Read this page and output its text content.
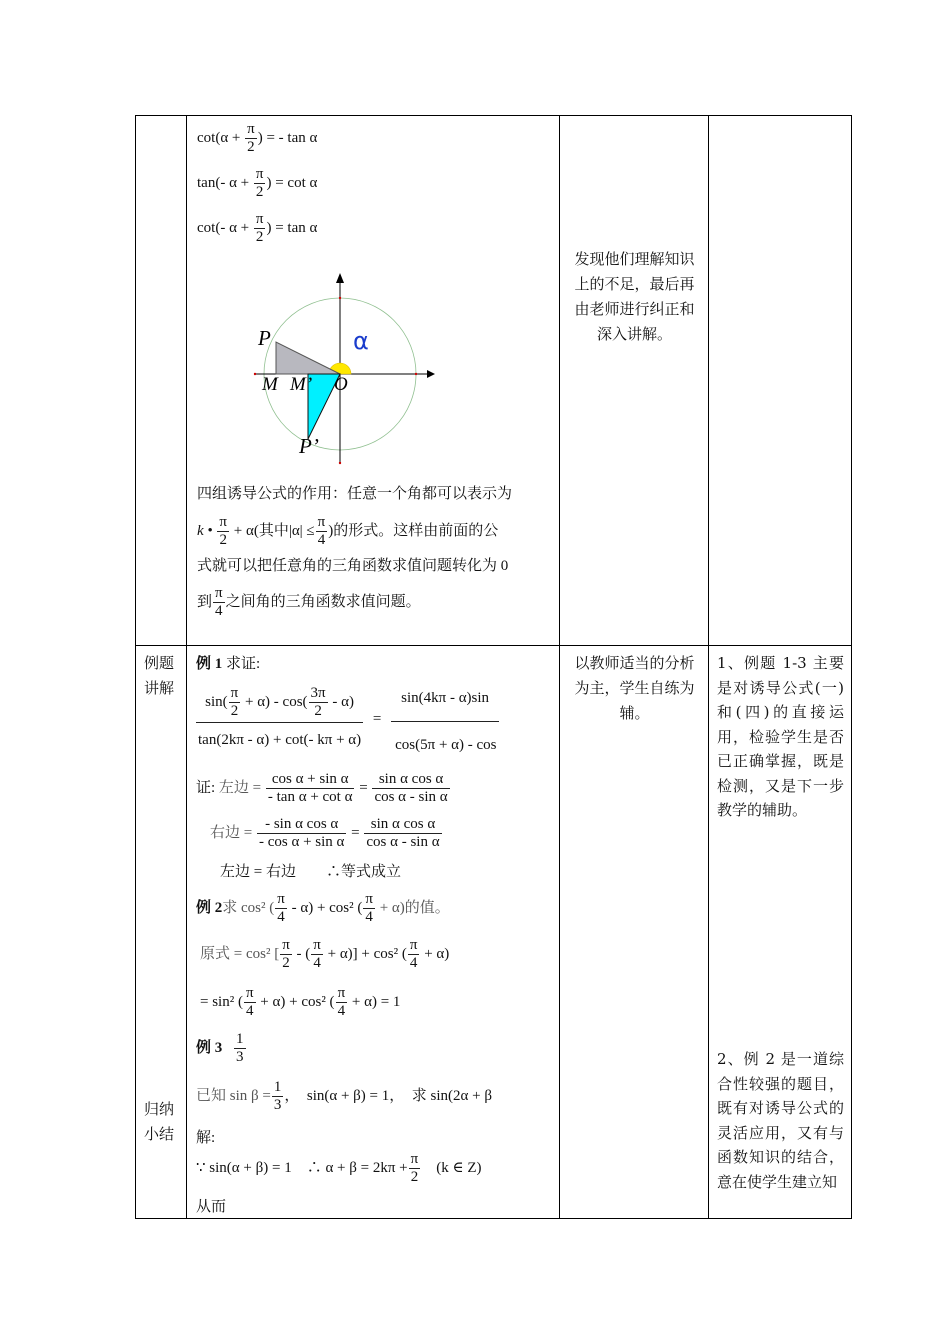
$\cot(\alpha + \frac{\pi}{2}$ ) = - tan α
tan(- $\alpha + \frac{\pi}{2}$ ) = cot α
cot(- $\alpha + \frac{\pi}{2}$ ) = tan α
P
M M’ O
P’
α
四组诱导公式的作用：任意一个角都可以表示为
k • $\frac{\pi}{2} + \alpha$(其中$|\alpha| \le \frac{\pi}{4}$ )的形式。这样由前面的公
式就可以把任意角的三角函数求值问题转化为 0
到 $\frac{\pi}{4}$ 之间角的三角函数求值问题。
发现他们理解知识上的不足，最后再由老师进行纠正和深入讲解。
例题讲解
归纳小结
例 1 求证:
$\frac{\sin( \frac{\pi}{2} + \alpha) - \cos( \frac{3\pi}{2} - \alpha)}{\tan(2k\pi - \alpha) + \cot(- k\pi + \alpha)} = \frac{\sin(4k\pi - \alpha)\sin}{\cos(5\pi + \alpha) - \cos}$
证: 左边 = $\frac{\text{cos α + sin α}}{\text{- tan α + cot α}} = \frac{\text{sin α cos α}}{\text{cos α - sin α}}$
右边 = $\frac{\text{- sin α cos α}}{\text{- cos α + sin α}} = \frac{\text{sin α cos α}}{\text{cos α - sin α}}$
左边 = 右边　　∴等式成立
例 2求 cos² ( $\frac{\pi}{4} - \alpha) + \cos^2$ ( $\frac{\pi}{4} + \alpha$)的值。
原式 = cos² [ $\frac{\pi}{2}$ - ( $\frac{\pi}{4} + \alpha)] + \cos^2$ ( $\frac{\pi}{4} + \alpha$)
= sin² ( $\frac{\pi}{4} + \alpha) + \cos^2$ ( $\frac{\pi}{4} + \alpha) = 1$
例 $3 \frac{1}{3}$
已知 $\sin \beta = \frac{1}{3}$ ，　sin(α + β) = 1，　求 sin(2α + β
解:
∵ sin(α + β) = 1　∴ $\alpha + \beta = 2k\pi + \frac{\pi}{2}$ 　(k ∈ Z)
从而
以教师适当的分析为主，学生自练为辅。
1、例题 1-3 主要是对诱导公式(一)和(四)的直接运用，检验学生是否已正确掌握，既是检测，又是下一步教学的辅助。
2、例 2 是一道综合性较强的题目，既有对诱导公式的灵活应用，又有与函数知识的结合，意在使学生建立知
